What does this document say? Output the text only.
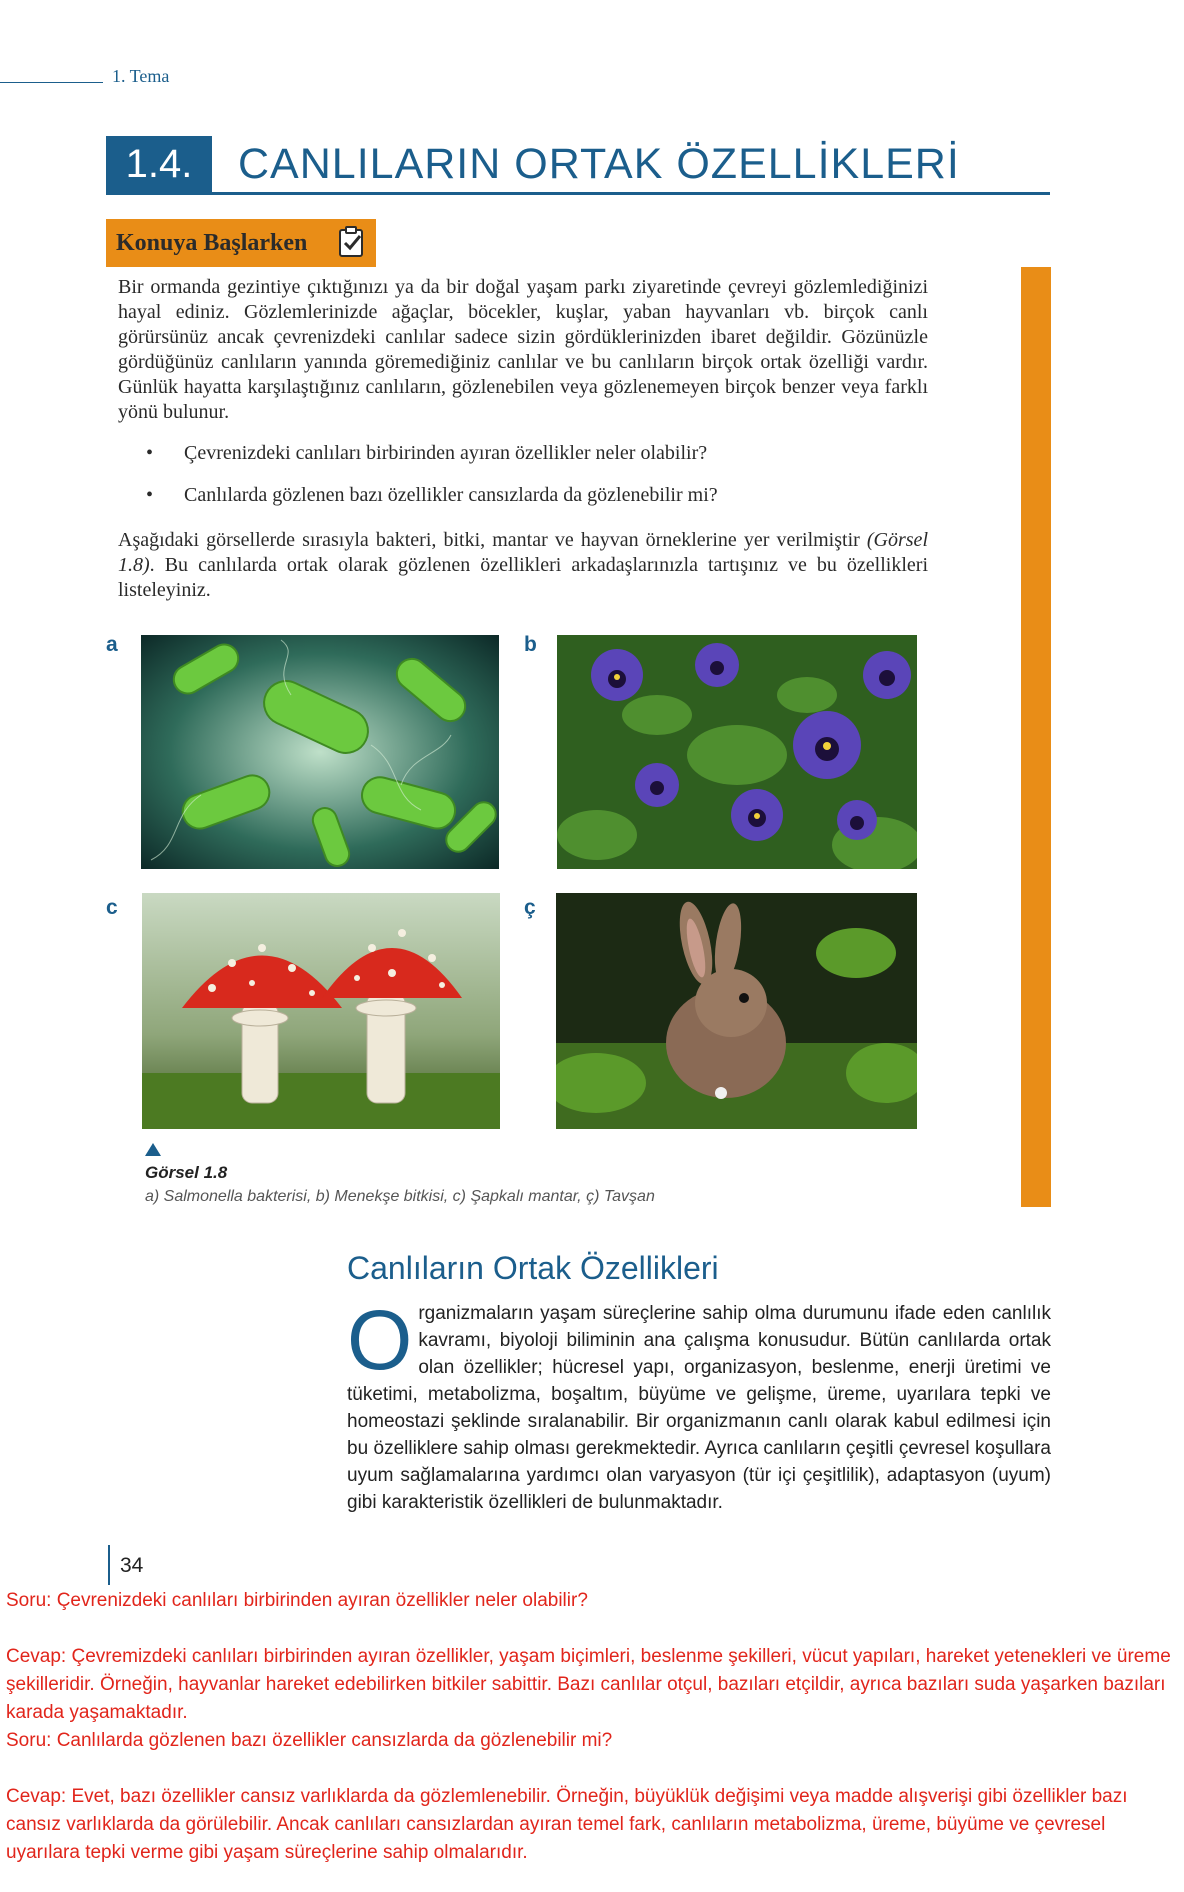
1. Tema
1.4.	CANLILARIN ORTAK ÖZELLİKLERİ
Konuya Başlarken
Bir ormanda gezintiye çıktığınızı ya da bir doğal yaşam parkı ziyaretinde çevreyi gözlemlediğinizi hayal ediniz. Gözlemlerinizde ağaçlar, böcekler, kuşlar, yaban hayvanları vb. birçok canlı görürsünüz ancak çevrenizdeki canlılar sadece sizin gördüklerinizden ibaret değildir. Gözünüzle gördüğünüz canlıların yanında göremediğiniz canlılar ve bu canlıların birçok ortak özelliği vardır. Günlük hayatta karşılaştığınız canlıların, gözlenebilen veya gözlenemeyen birçok benzer veya farklı yönü bulunur.
• Çevrenizdeki canlıları birbirinden ayıran özellikler neler olabilir?
• Canlılarda gözlenen bazı özellikler cansızlarda da gözlenebilir mi?
Aşağıdaki görsellerde sırasıyla bakteri, bitki, mantar ve hayvan örneklerine yer verilmiştir (Görsel 1.8). Bu canlılarda ortak olarak gözlenen özellikleri arkadaşlarınızla tartışınız ve bu özellikleri listeleyiniz.
a	b
c	ç
Görsel 1.8
a) Salmonella bakterisi, b) Menekşe bitkisi, c) Şapkalı mantar, ç) Tavşan
Canlıların Ortak Özellikleri
Organizmaların yaşam süreçlerine sahip olma durumunu ifade eden canlılık kavramı, biyoloji biliminin ana çalışma konusudur. Bütün canlılarda ortak olan özellikler; hücresel yapı, organizasyon, beslenme, enerji üretimi ve tüketimi, metabolizma, boşaltım, büyüme ve gelişme, üreme, uyarılara tepki ve homeostazi şeklinde sıralanabilir. Bir organizmanın canlı olarak kabul edilmesi için bu özelliklere sahip olması gerekmektedir. Ayrıca canlıların çeşitli çevresel koşullara uyum sağlamalarına yardımcı olan varyasyon (tür içi çeşitlilik), adaptasyon (uyum) gibi karakteristik özellikleri de bulunmaktadır.
34
Soru: Çevrenizdeki canlıları birbirinden ayıran özellikler neler olabilir?
Cevap: Çevremizdeki canlıları birbirinden ayıran özellikler, yaşam biçimleri, beslenme şekilleri, vücut yapıları, hareket yetenekleri ve üreme şekilleridir. Örneğin, hayvanlar hareket edebilirken bitkiler sabittir. Bazı canlılar otçul, bazıları etçildir, ayrıca bazıları suda yaşarken bazıları karada yaşamaktadır.
Soru: Canlılarda gözlenen bazı özellikler cansızlarda da gözlenebilir mi?
Cevap: Evet, bazı özellikler cansız varlıklarda da gözlemlenebilir. Örneğin, büyüklük değişimi veya madde alışverişi gibi özellikler bazı cansız varlıklarda da görülebilir. Ancak canlıları cansızlardan ayıran temel fark, canlıların metabolizma, üreme, büyüme ve çevresel uyarılara tepki verme gibi yaşam süreçlerine sahip olmalarıdır.
